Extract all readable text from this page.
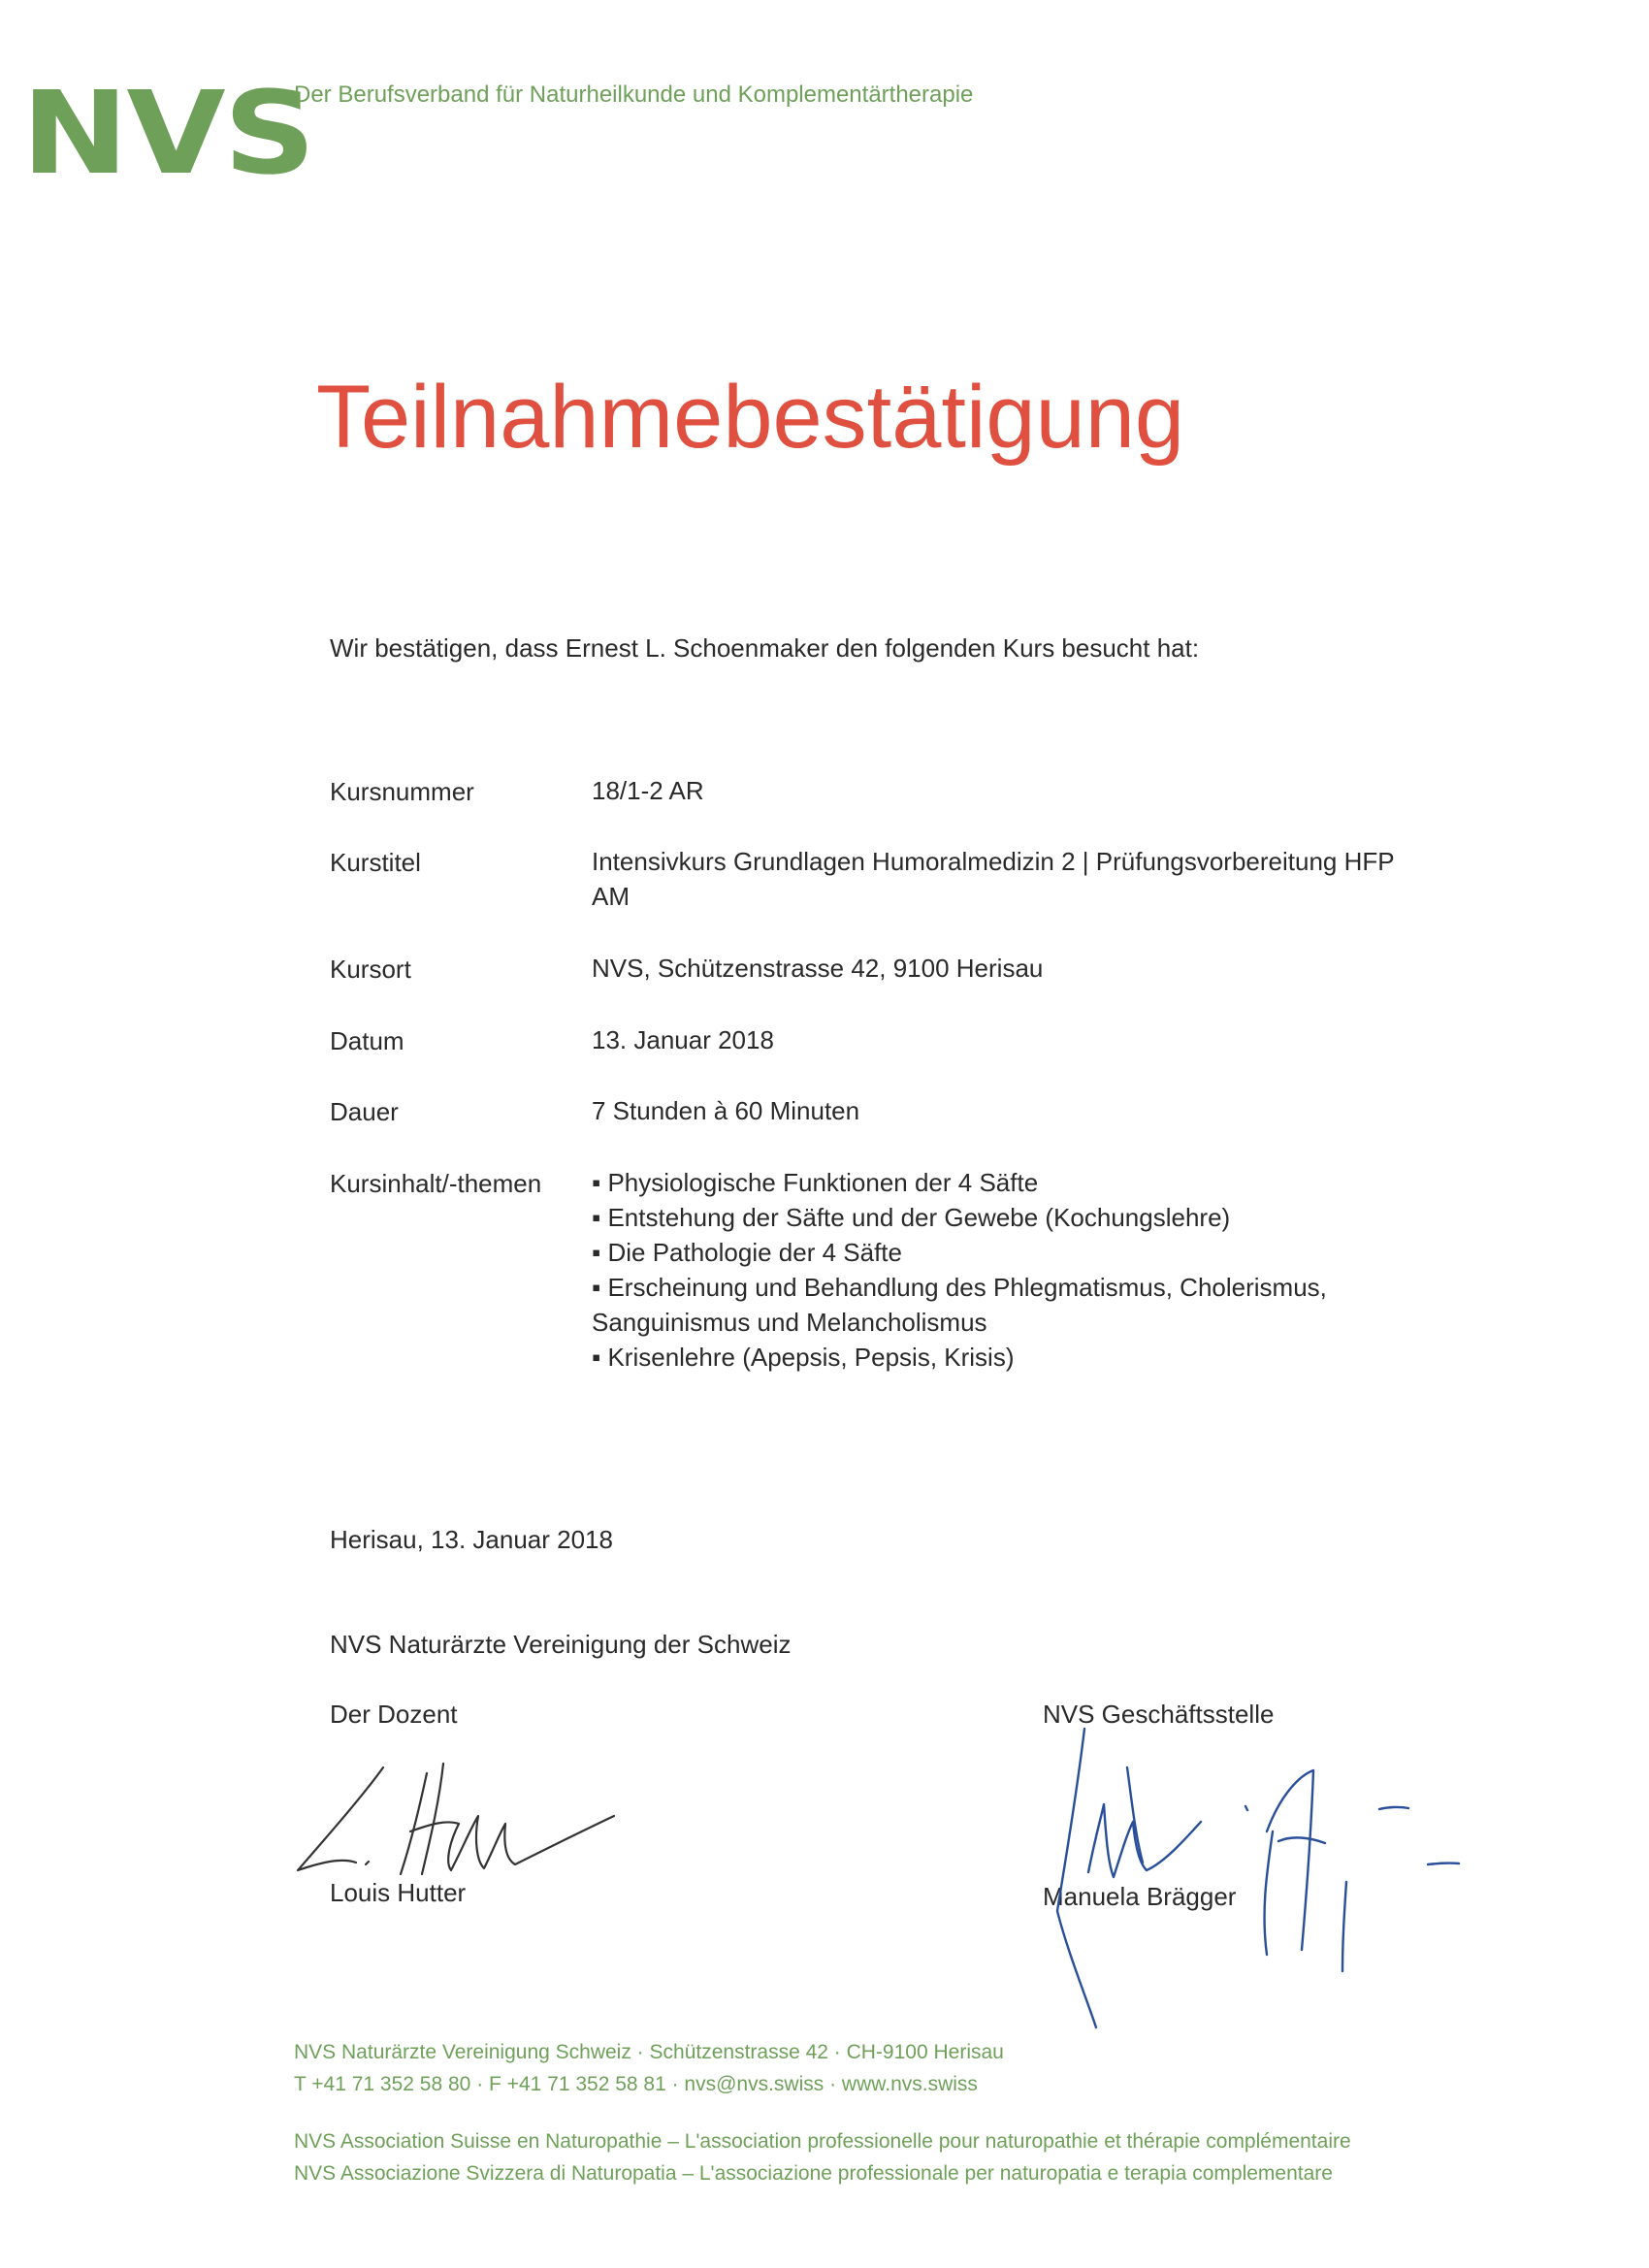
NVS
Der Berufsverband für Naturheilkunde und Komplementärtherapie
Teilnahmebestätigung
Wir bestätigen, dass Ernest L. Schoenmaker den folgenden Kurs besucht hat:
Kursnummer	18/1-2 AR
Kurstitel	Intensivkurs Grundlagen Humoralmedizin 2 | Prüfungsvorbereitung HFP AM
Kursort	NVS, Schützenstrasse 42, 9100 Herisau
Datum	13. Januar 2018
Dauer	7 Stunden à 60 Minuten
Kursinhalt/-themen
▪	Physiologische Funktionen der 4 Säfte
▪ Entstehung der Säfte und der Gewebe (Kochungslehre)
▪ Die Pathologie der 4 Säfte
▪ Erscheinung und Behandlung des Phlegmatismus, Cholerismus, Sanguinismus und Melancholismus
▪ Krisenlehre (Apepsis, Pepsis, Krisis)
Herisau, 13. Januar 2018
NVS Naturärzte Vereinigung der Schweiz
Der Dozent
Louis Hutter
NVS Geschäftsstelle
Manuela Brägger
NVS Naturärzte Vereinigung Schweiz · Schützenstrasse 42 · CH-9100 Herisau
T +41 71 352 58 80 · F +41 71 352 58 81 · nvs@nvs.swiss · www.nvs.swiss
NVS Association Suisse en Naturopathie – L'association professionelle pour naturopathie et thérapie complémentaire
NVS Associazione Svizzera di Naturopatia – L'associazione professionale per naturopatia e terapia complementare
